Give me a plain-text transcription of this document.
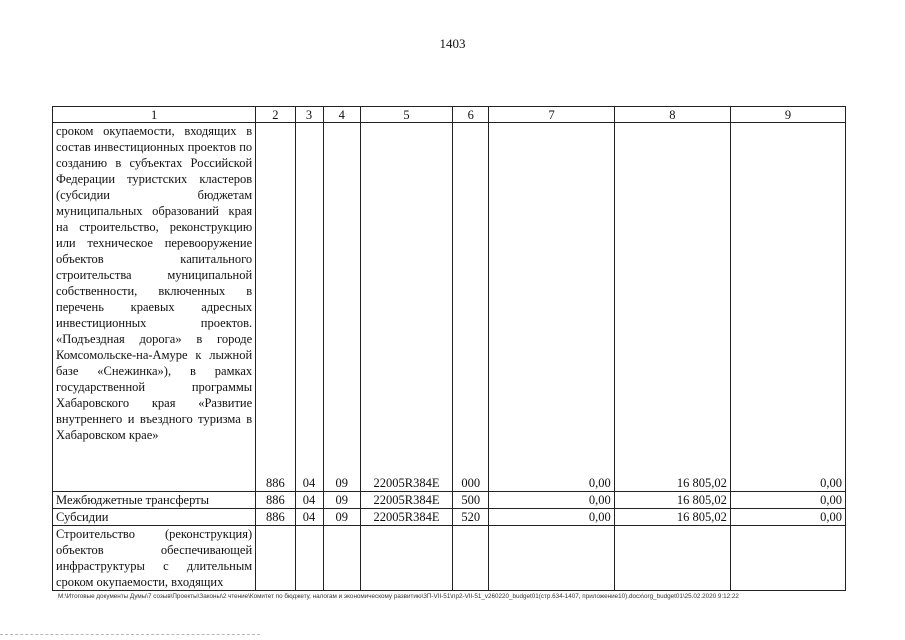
1403
1	2	3	4	5	6	7	8	9
сроком окупаемости, входящих в состав инвестиционных проектов по созданию в субъектах Российской Федерации туристских кластеров (субсидии бюджетам муниципальных образований края на строительство, реконструкцию или техническое перевооружение объектов капитального строительства муниципальной собственности, включенных в перечень краевых адресных инвестиционных проектов. «Подъездная дорога» в городе Комсомольске-на-Амуре к лыжной базе «Снежинка»), в рамках государственной программы Хабаровского края «Развитие внутреннего и въездного туризма в Хабаровском крае»	886	04	09	22005R384E	000	0,00	16 805,02	0,00
Межбюджетные трансферты	886	04	09	22005R384E	500	0,00	16 805,02	0,00
Субсидии	886	04	09	22005R384E	520	0,00	16 805,02	0,00
Строительство (реконструкция) объектов обеспечивающей инфраструктуры с длительным сроком окупаемости, входящих								
M:\Итоговые документы Думы\7 созыв\Проекты\Законы\2 чтение\Комитет по бюджету, налогам и экономическому развитию\3П-VII-51\пр2-VII-51_v260220_budget01(стр.634-1407, приложение10).docx\org_budget01\25.02.2020 9:12:22
